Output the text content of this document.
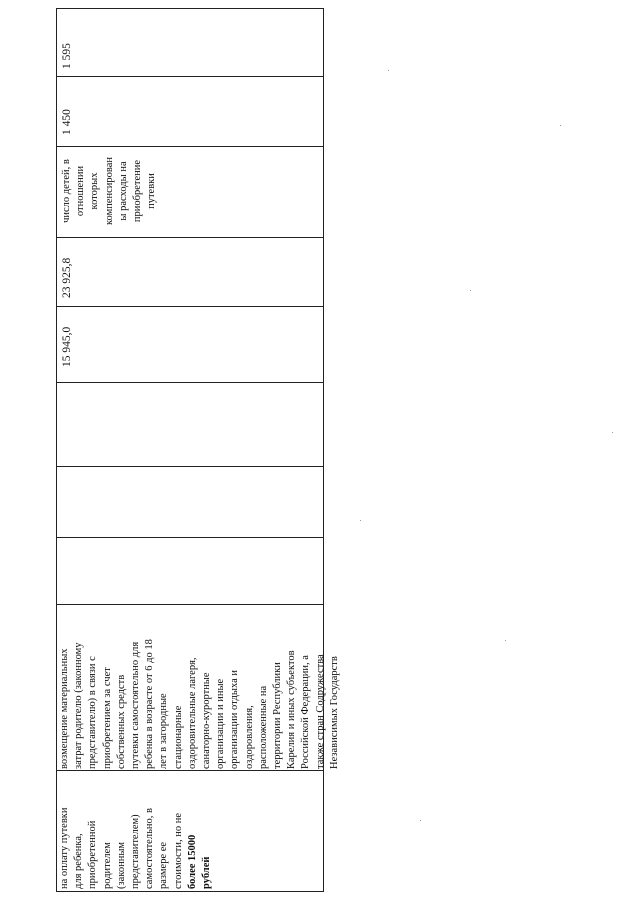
1 595
1 450
число детей, в отношении которых компенсирован ы расходы на приобретение путевки
23 925,8
15 945,0
возмещение материальных затрат родителю (законному представителю) в связи с приобретением за счет собственных средств путевки самостоятельно для ребенка в возрасте от 6 до 18 лет в загородные стационарные оздоровительные лагеря, санаторно-курортные организации и иные организации отдыха и оздоровления, расположенные на территории Республики Карелия и иных субъектов Российской Федерации, а также стран Содружества Независимых Государств
на оплату путевки для ребенка, приобретенной родителем (законным представителем) самостоятельно, в размере ее стоимости, но не более 15000 рублей
